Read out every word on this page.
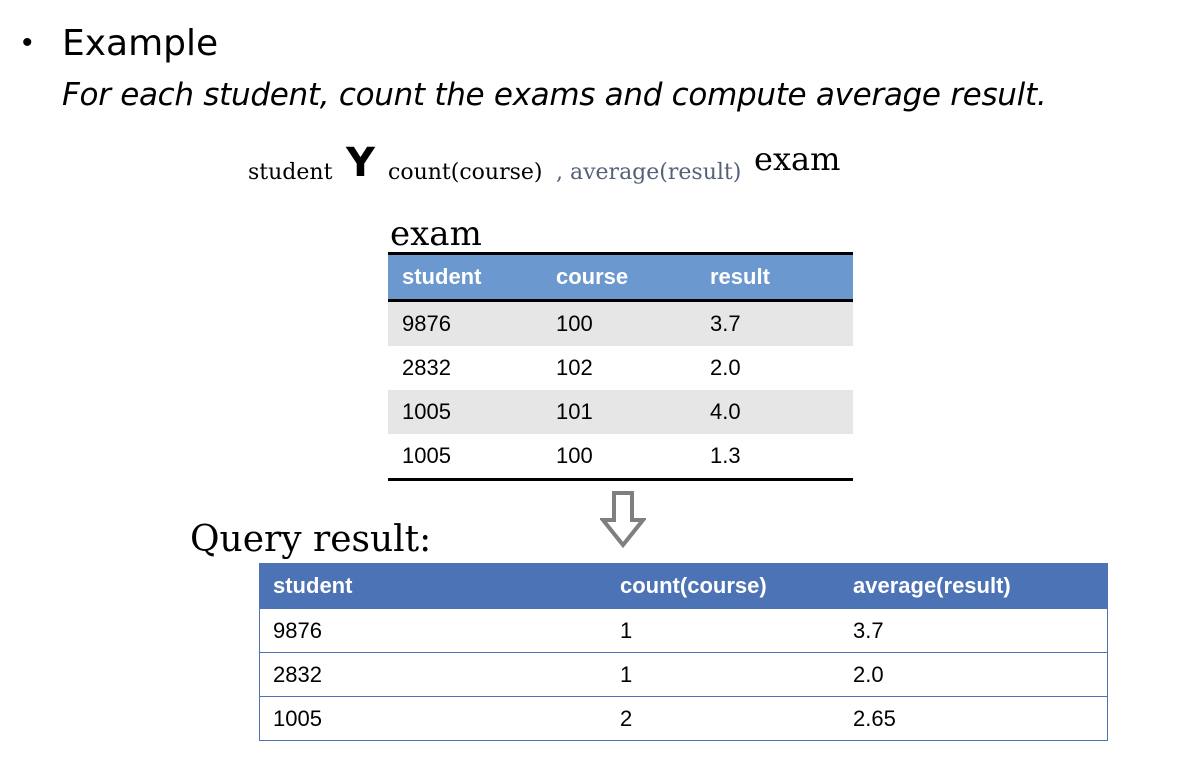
• Example
For each student, count the exams and compute average result.
student Y count(course) , average(result) exam
exam
student	course	result
9876	100	3.7
2832	102	2.0
1005	101	4.0
1005	100	1.3
Query result:
student	count(course)	average(result)
9876	1	3.7
2832	1	2.0
1005	2	2.65
